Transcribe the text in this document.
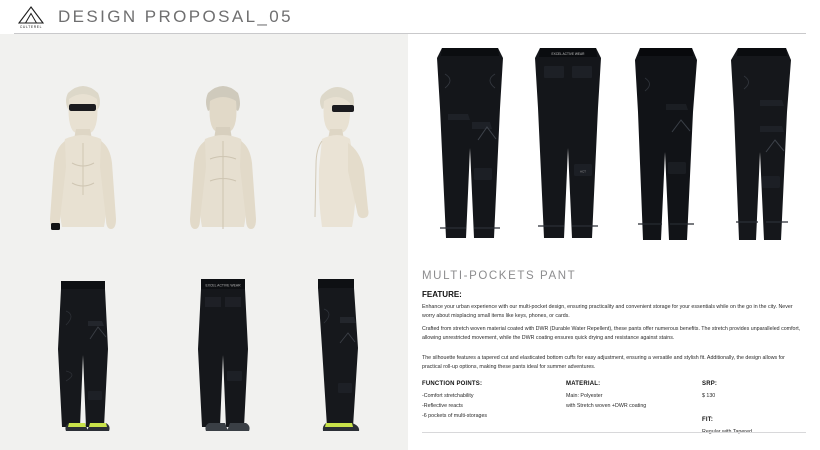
CULTEREL
DESIGN PROPOSAL_05
EXCEL ACTIVE WEAR
EXCEL ACTIVE WEAR
ACT
MULTI-POCKETS PANT
FEATURE:
Enhance your urban experience with our multi-pocket design, ensuring practicality and convenient storage for your essentials while on the go in the city. Never worry about misplacing small items like keys, phones, or cards.
Crafted from stretch woven material coated with DWR (Durable Water Repellent), these pants offer numerous benefits. The stretch provides unparalleled comfort, allowing unrestricted movement, while the DWR coating ensures quick drying and resistance against stains.
The silhouette features a tapered cut and elasticated bottom cuffs for easy adjustment, ensuring a versatile and stylish fit. Additionally, the design allows for practical roll-up options, making these pants ideal for summer adventures.
FUNCTION POINTS:
-Comfort stretchability
-Reflective reacts
-6 pockets of multi-storages
MATERIAL:
Main: Polyester
with Stretch woven +DWR coating
SRP:
$ 130
FIT:
